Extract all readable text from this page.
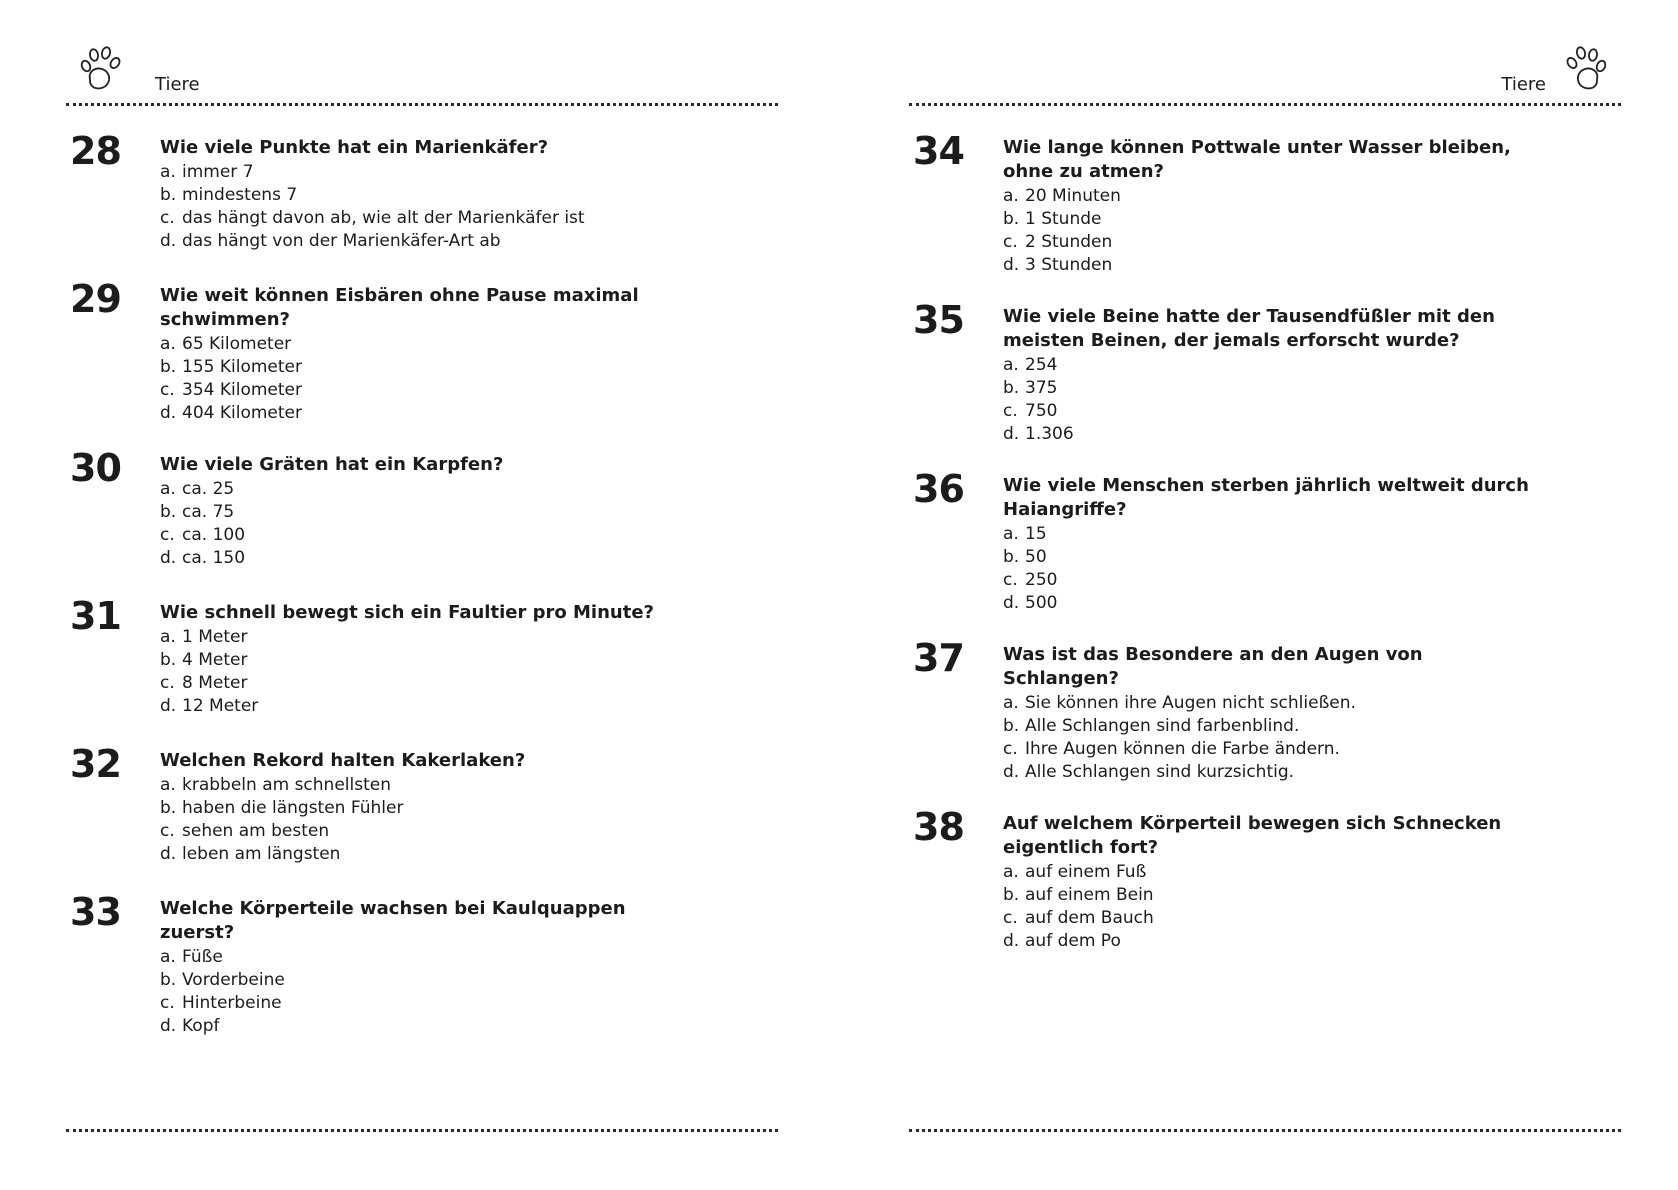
Tiere
28 Wie viele Punkte hat ein Marienkäfer?
a. immer 7
b. mindestens 7
c. das hängt davon ab, wie alt der Marienkäfer ist
d. das hängt von der Marienkäfer-Art ab
29 Wie weit können Eisbären ohne Pause maximal schwimmen?
a. 65 Kilometer
b. 155 Kilometer
c. 354 Kilometer
d. 404 Kilometer
30 Wie viele Gräten hat ein Karpfen?
a. ca. 25
b. ca. 75
c. ca. 100
d. ca. 150
31 Wie schnell bewegt sich ein Faultier pro Minute?
a. 1 Meter
b. 4 Meter
c. 8 Meter
d. 12 Meter
32 Welchen Rekord halten Kakerlaken?
a. krabbeln am schnellsten
b. haben die längsten Fühler
c. sehen am besten
d. leben am längsten
33 Welche Körperteile wachsen bei Kaulquappen zuerst?
a. Füße
b. Vorderbeine
c. Hinterbeine
d. Kopf
Tiere
34 Wie lange können Pottwale unter Wasser bleiben, ohne zu atmen?
a. 20 Minuten
b. 1 Stunde
c. 2 Stunden
d. 3 Stunden
35 Wie viele Beine hatte der Tausendfüßler mit den meisten Beinen, der jemals erforscht wurde?
a. 254
b. 375
c. 750
d. 1.306
36 Wie viele Menschen sterben jährlich weltweit durch Haiangriffe?
a. 15
b. 50
c. 250
d. 500
37 Was ist das Besondere an den Augen von Schlangen?
a. Sie können ihre Augen nicht schließen.
b. Alle Schlangen sind farbenblind.
c. Ihre Augen können die Farbe ändern.
d. Alle Schlangen sind kurzsichtig.
38 Auf welchem Körperteil bewegen sich Schnecken eigentlich fort?
a. auf einem Fuß
b. auf einem Bein
c. auf dem Bauch
d. auf dem Po
